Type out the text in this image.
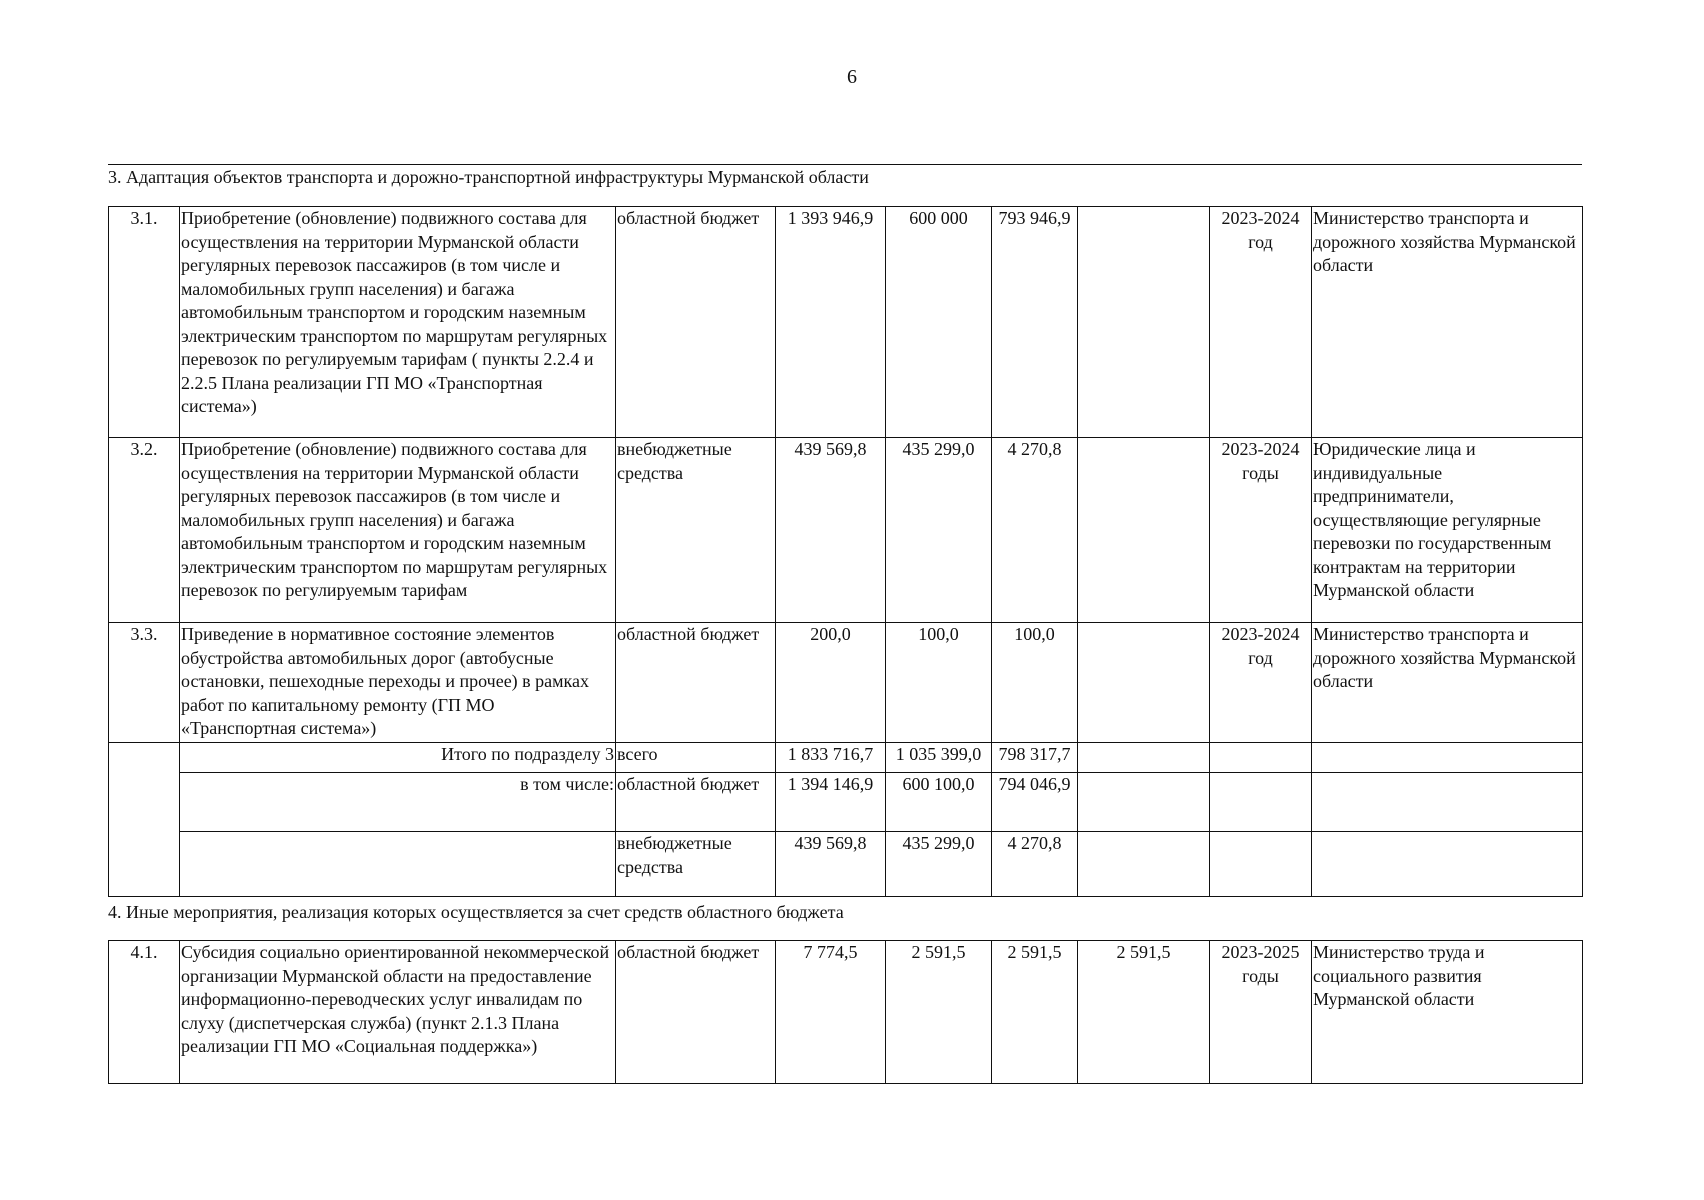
6
3. Адаптация объектов транспорта и дорожно-транспортной инфраструктуры Мурманской области
3.1.	Приобретение (обновление) подвижного состава для осуществления на территории Мурманской области регулярных перевозок пассажиров (в том числе и маломобильных групп населения) и багажа автомобильным транспортом и городским наземным электрическим транспортом по маршрутам регулярных перевозок по регулируемым тарифам ( пункты 2.2.4 и 2.2.5 Плана реализации ГП МО «Транспортная система»)	областной бюджет	1 393 946,9	600 000	793 946,9		2023-2024 год	Министерство транспорта и дорожного хозяйства Мурманской области
3.2.	Приобретение (обновление) подвижного состава для осуществления на территории Мурманской области регулярных перевозок пассажиров (в том числе и маломобильных групп населения) и багажа автомобильным транспортом и городским наземным электрическим транспортом по маршрутам регулярных перевозок по регулируемым тарифам	внебюджетные средства	439 569,8	435 299,0	4 270,8		2023-2024 годы	Юридические лица и индивидуальные предприниматели, осуществляющие регулярные перевозки по государственным контрактам на территории Мурманской области
3.3.	Приведение в нормативное состояние элементов обустройства автомобильных дорог (автобусные остановки, пешеходные переходы и прочее) в рамках работ по капитальному ремонту (ГП МО «Транспортная система»)	областной бюджет	200,0	100,0	100,0		2023-2024 год	Министерство транспорта и дорожного хозяйства Мурманской области
	Итого по подразделу 3	всего	1 833 716,7	1 035 399,0	798 317,7			
	в том числе:	областной бюджет	1 394 146,9	600 100,0	794 046,9			
		внебюджетные средства	439 569,8	435 299,0	4 270,8			
4. Иные мероприятия, реализация которых осуществляется за счет средств областного бюджета
4.1.	Субсидия социально ориентированной некоммерческой организации Мурманской области на предоставление информационно-переводческих услуг инвалидам по слуху (диспетчерская служба) (пункт 2.1.3 Плана реализации ГП МО «Социальная поддержка»)	областной бюджет	7 774,5	2 591,5	2 591,5	2 591,5	2023-2025 годы	Министерство труда и социального развития Мурманской области
